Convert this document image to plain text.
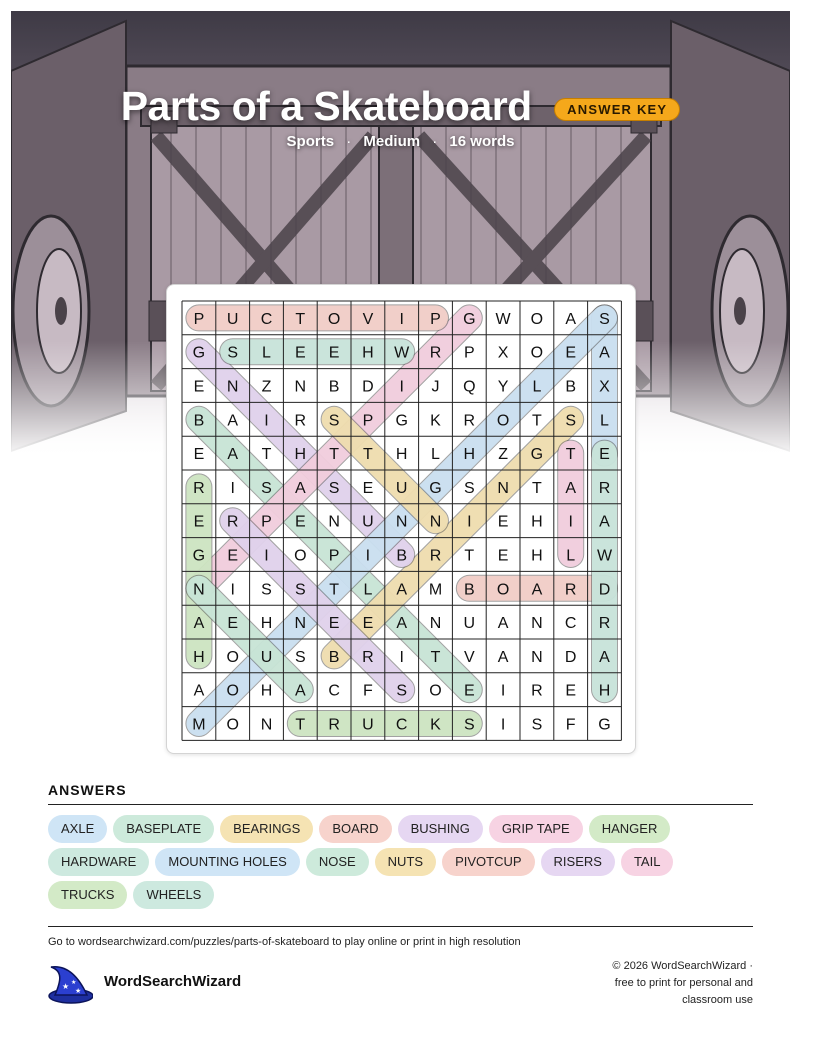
Parts of a Skateboard	ANSWER KEY
Sports · Medium · 16 words
P U C T O V I P G W O A S
G S L E E H W R P X O E A
E N Z N B D I J Q Y L B X
B A I R S P G K R O T S L
E A T H T T H L H Z G T E
R I S A S E U G S N T A R
E R P E N U N N I E H I A
G E I O P I B R T E H L W
N I S S T L A M B O A R D
A E H N E E A N U A N C R
H O U S B R I T V A N D A
A O H A C F S O E I R E H
M O N T R U C K S I S F G
ANSWERS
AXLE BASEPLATE BEARINGS BOARD BUSHING GRIP TAPE HANGERHARDWARE MOUNTING HOLES NOSE NUTS PIVOTCUP RISERS TAILTRUCKS WHEELS
Go to wordsearchwizard.com/puzzles/parts-of-skateboard to play online or print in high resolution
★ ★
★
WordSearchWizard
© 2026 WordSearchWizard ·
free to print for personal and
classroom use
